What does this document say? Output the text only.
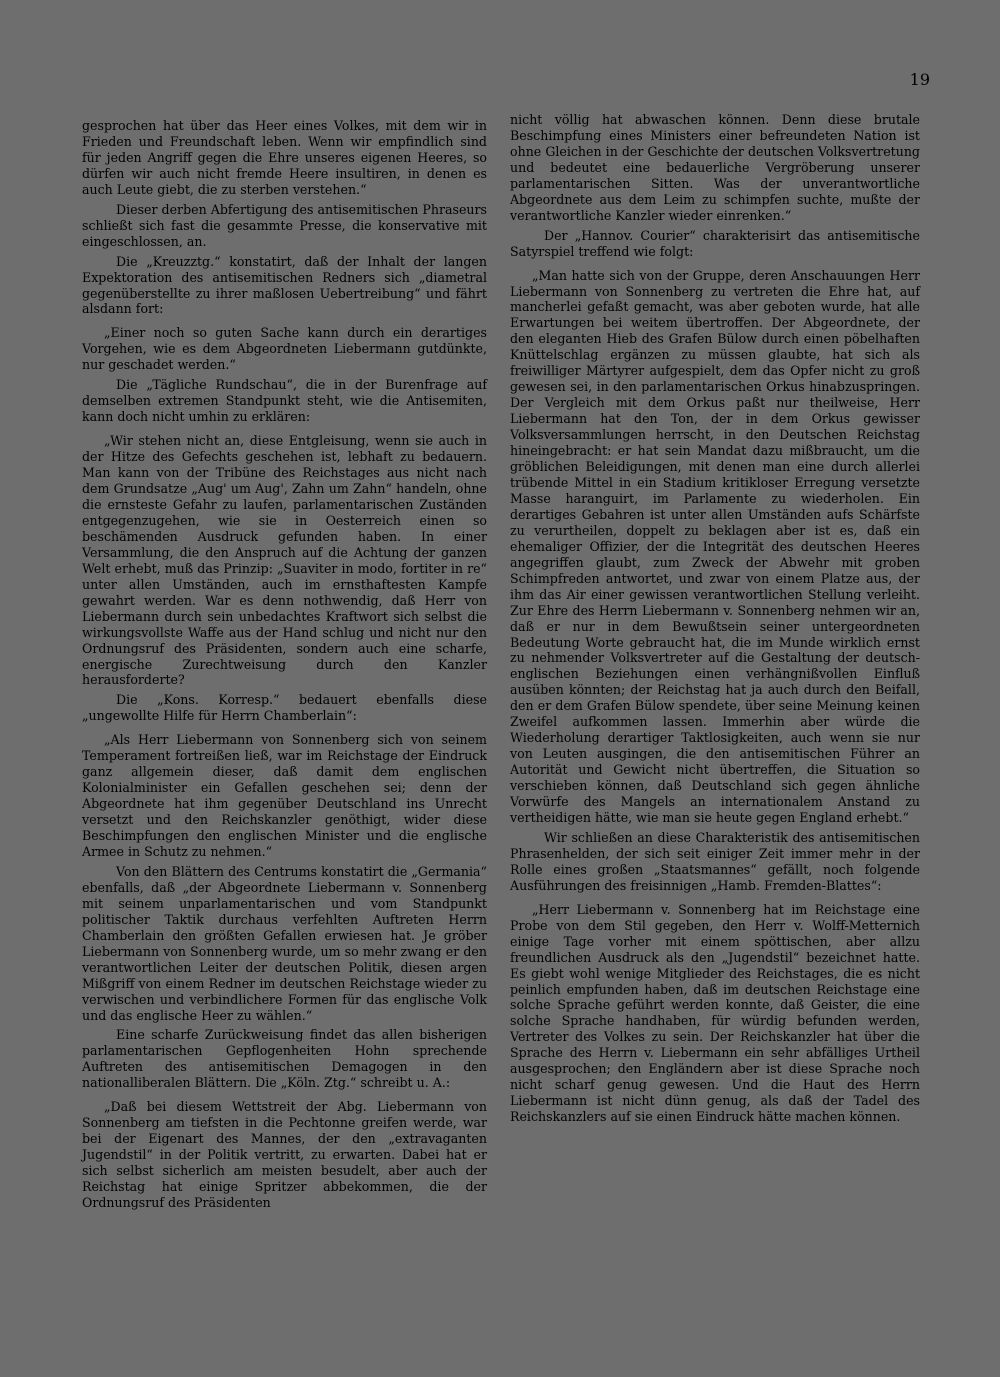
19

gesprochen hat über das Heer eines Volkes, mit dem wir in Frieden und Freundschaft leben. Wenn wir empfindlich sind für jeden Angriff gegen die Ehre unseres eigenen Heeres, so dürfen wir auch nicht fremde Heere insultiren, in denen es auch Leute giebt, die zu sterben verstehen.“

Dieser derben Abfertigung des antisemitischen Phraseurs schließt sich fast die gesammte Presse, die konservative mit eingeschlossen, an.

Die „Kreuzztg.“ konstatirt, daß der Inhalt der langen Expektoration des antisemitischen Redners sich „diametral gegenüberstellte zu ihrer maßlosen Uebertreibung“ und fährt alsdann fort:

„Einer noch so guten Sache kann durch ein derartiges Vorgehen, wie es dem Abgeordneten Liebermann gutdünkte, nur geschadet werden.“

Die „Tägliche Rundschau“, die in der Burenfrage auf demselben extremen Standpunkt steht, wie die Antisemiten, kann doch nicht umhin zu erklären:

„Wir stehen nicht an, diese Entgleisung, wenn sie auch in der Hitze des Gefechts geschehen ist, lebhaft zu bedauern. Man kann von der Tribüne des Reichstages aus nicht nach dem Grundsatze „Aug' um Aug', Zahn um Zahn“ handeln, ohne die ernsteste Gefahr zu laufen, parlamentarischen Zuständen entgegenzugehen, wie sie in Oesterreich einen so beschämenden Ausdruck gefunden haben. In einer Versammlung, die den Anspruch auf die Achtung der ganzen Welt erhebt, muß das Prinzip: „Suaviter in modo, fortiter in re“ unter allen Umständen, auch im ernsthaftesten Kampfe gewahrt werden. War es denn nothwendig, daß Herr von Liebermann durch sein unbedachtes Kraftwort sich selbst die wirkungsvollste Waffe aus der Hand schlug und nicht nur den Ordnungsruf des Präsidenten, sondern auch eine scharfe, energische Zurechtweisung durch den Kanzler herausforderte?

Die „Kons. Korresp.“ bedauert ebenfalls diese „ungewollte Hilfe für Herrn Chamberlain“:

„Als Herr Liebermann von Sonnenberg sich von seinem Temperament fortreißen ließ, war im Reichstage der Eindruck ganz allgemein dieser, daß damit dem englischen Kolonialminister ein Gefallen geschehen sei; denn der Abgeordnete hat ihm gegenüber Deutschland ins Unrecht versetzt und den Reichskanzler genöthigt, wider diese Beschimpfungen den englischen Minister und die englische Armee in Schutz zu nehmen.“

Von den Blättern des Centrums konstatirt die „Germania“ ebenfalls, daß „der Abgeordnete Liebermann v. Sonnenberg mit seinem unparlamentarischen und vom Standpunkt politischer Taktik durchaus verfehlten Auftreten Herrn Chamberlain den größten Gefallen erwiesen hat. Je gröber Liebermann von Sonnenberg wurde, um so mehr zwang er den verantwortlichen Leiter der deutschen Politik, diesen argen Mißgriff von einem Redner im deutschen Reichstage wieder zu verwischen und verbindlichere Formen für das englische Volk und das englische Heer zu wählen.“

Eine scharfe Zurückweisung findet das allen bisherigen parlamentarischen Gepflogenheiten Hohn sprechende Auftreten des antisemitischen Demagogen in den nationalliberalen Blättern. Die „Köln. Ztg.“ schreibt u. A.:

„Daß bei diesem Wettstreit der Abg. Liebermann von Sonnenberg am tiefsten in die Pechtonne greifen werde, war bei der Eigenart des Mannes, der den „extravaganten Jugendstil“ in der Politik vertritt, zu erwarten. Dabei hat er sich selbst sicherlich am meisten besudelt, aber auch der Reichstag hat einige Spritzer abbekommen, die der Ordnungsruf des Präsidenten

nicht völlig hat abwaschen können. Denn diese brutale Beschimpfung eines Ministers einer befreundeten Nation ist ohne Gleichen in der Geschichte der deutschen Volksvertretung und bedeutet eine bedauerliche Vergröberung unserer parlamentarischen Sitten. Was der unverantwortliche Abgeordnete aus dem Leim zu schimpfen suchte, mußte der verantwortliche Kanzler wieder einrenken.“

Der „Hannov. Courier“ charakterisirt das antisemitische Satyrspiel treffend wie folgt:

„Man hatte sich von der Gruppe, deren Anschauungen Herr Liebermann von Sonnenberg zu vertreten die Ehre hat, auf mancherlei gefaßt gemacht, was aber geboten wurde, hat alle Erwartungen bei weitem übertroffen. Der Abgeordnete, der den eleganten Hieb des Grafen Bülow durch einen pöbelhaften Knüttelschlag ergänzen zu müssen glaubte, hat sich als freiwilliger Märtyrer aufgespielt, dem das Opfer nicht zu groß gewesen sei, in den parlamentarischen Orkus hinabzuspringen. Der Vergleich mit dem Orkus paßt nur theilweise, Herr Liebermann hat den Ton, der in dem Orkus gewisser Volksversammlungen herrscht, in den Deutschen Reichstag hineingebracht: er hat sein Mandat dazu mißbraucht, um die gröblichen Beleidigungen, mit denen man eine durch allerlei trübende Mittel in ein Stadium kritikloser Erregung versetzte Masse haranguirt, im Parlamente zu wiederholen. Ein derartiges Gebahren ist unter allen Umständen aufs Schärfste zu verurtheilen, doppelt zu beklagen aber ist es, daß ein ehemaliger Offizier, der die Integrität des deutschen Heeres angegriffen glaubt, zum Zweck der Abwehr mit groben Schimpfreden antwortet, und zwar von einem Platze aus, der ihm das Air einer gewissen verantwortlichen Stellung verleiht. Zur Ehre des Herrn Liebermann v. Sonnenberg nehmen wir an, daß er nur in dem Bewußtsein seiner untergeordneten Bedeutung Worte gebraucht hat, die im Munde wirklich ernst zu nehmender Volksvertreter auf die Gestaltung der deutsch-englischen Beziehungen einen verhängnißvollen Einfluß ausüben könnten; der Reichstag hat ja auch durch den Beifall, den er dem Grafen Bülow spendete, über seine Meinung keinen Zweifel aufkommen lassen. Immerhin aber würde die Wiederholung derartiger Taktlosigkeiten, auch wenn sie nur von Leuten ausgingen, die den antisemitischen Führer an Autorität und Gewicht nicht übertreffen, die Situation so verschieben können, daß Deutschland sich gegen ähnliche Vorwürfe des Mangels an internationalem Anstand zu vertheidigen hätte, wie man sie heute gegen England erhebt.“

Wir schließen an diese Charakteristik des antisemitischen Phrasenhelden, der sich seit einiger Zeit immer mehr in der Rolle eines großen „Staatsmannes“ gefällt, noch folgende Ausführungen des freisinnigen „Hamb. Fremden-Blattes“:

„Herr Liebermann v. Sonnenberg hat im Reichstage eine Probe von dem Stil gegeben, den Herr v. Wolff-Metternich einige Tage vorher mit einem spöttischen, aber allzu freundlichen Ausdruck als den „Jugendstil“ bezeichnet hatte. Es giebt wohl wenige Mitglieder des Reichstages, die es nicht peinlich empfunden haben, daß im deutschen Reichstage eine solche Sprache geführt werden konnte, daß Geister, die eine solche Sprache handhaben, für würdig befunden werden, Vertreter des Volkes zu sein. Der Reichskanzler hat über die Sprache des Herrn v. Liebermann ein sehr abfälliges Urtheil ausgesprochen; den Engländern aber ist diese Sprache noch nicht scharf genug gewesen. Und die Haut des Herrn Liebermann ist nicht dünn genug, als daß der Tadel des Reichskanzlers auf sie einen Eindruck hätte machen können.
